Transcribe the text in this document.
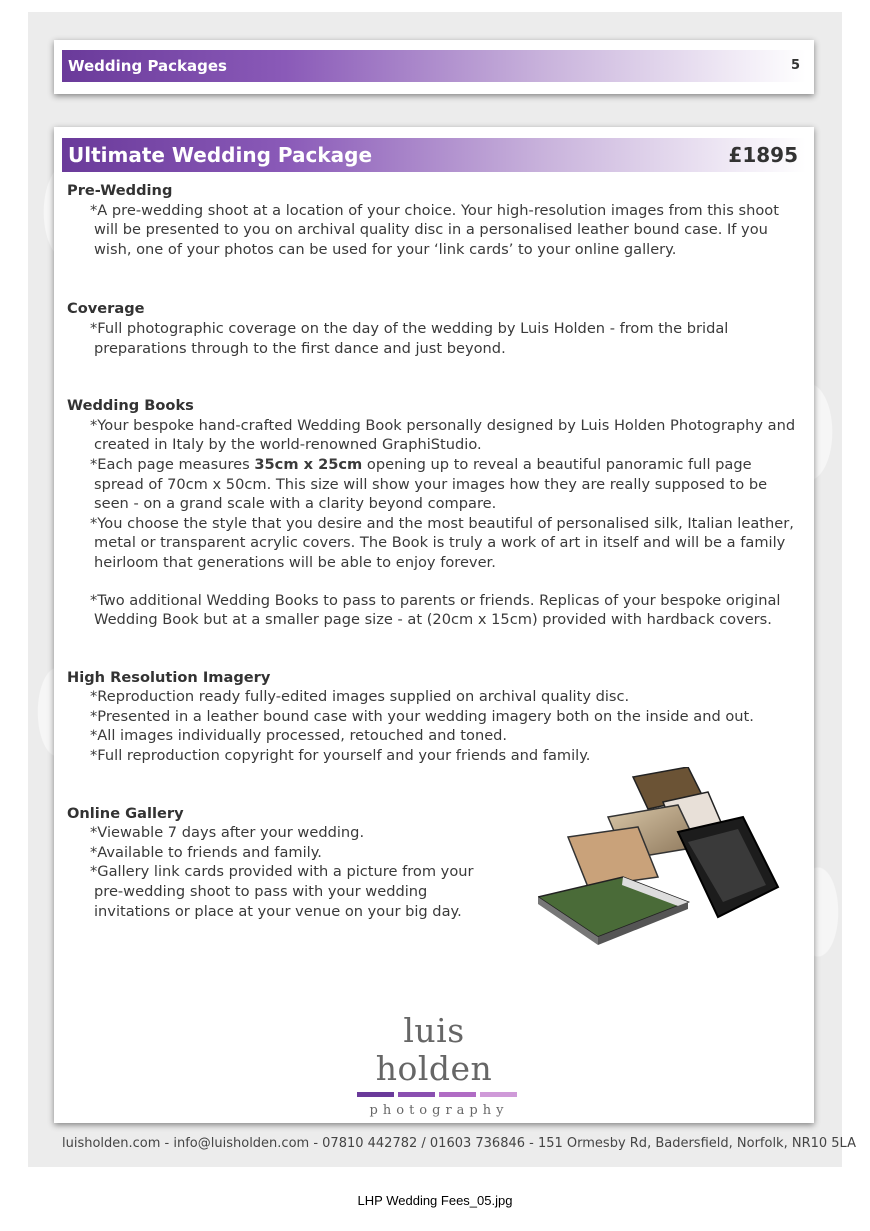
Wedding Packages	5
Ultimate Wedding Package	£1895
Pre-Wedding
*A pre-wedding shoot at a location of your choice. Your high-resolution images from this shoot will be presented to you on archival quality disc in a personalised leather bound case. If you wish, one of your photos can be used for your ‘link cards’ to your online gallery.
Coverage
*Full photographic coverage on the day of the wedding by Luis Holden - from the bridal preparations through to the first dance and just beyond.
Wedding Books
*Your bespoke hand-crafted Wedding Book personally designed by Luis Holden Photography and created in Italy by the world-renowned GraphiStudio.
*Each page measures 35cm x 25cm opening up to reveal a beautiful panoramic full page spread of 70cm x 50cm. This size will show your images how they are really supposed to be seen - on a grand scale with a clarity beyond compare.
*You choose the style that you desire and the most beautiful of personalised silk, Italian leather, metal or transparent acrylic covers. The Book is truly a work of art in itself and will be a family heirloom that generations will be able to enjoy forever.
*Two additional Wedding Books to pass to parents or friends. Replicas of your bespoke original Wedding Book but at a smaller page size - at (20cm x 15cm) provided with hardback covers.
High Resolution Imagery
*Reproduction ready fully-edited images supplied on archival quality disc.
*Presented in a leather bound case with your wedding imagery both on the inside and out.
*All images individually processed, retouched and toned.
*Full reproduction copyright for yourself and your friends and family.
Online Gallery
*Viewable 7 days after your wedding.
*Available to friends and family.
*Gallery link cards provided with a picture from your pre-wedding shoot to pass with your wedding invitations or place at your venue on your big day.
luis holden
photography
luisholden.com - info@luisholden.com - 07810 442782 / 01603 736846 - 151 Ormesby Rd, Badersfield, Norfolk, NR10 5LA
LHP Wedding Fees_05.jpg
